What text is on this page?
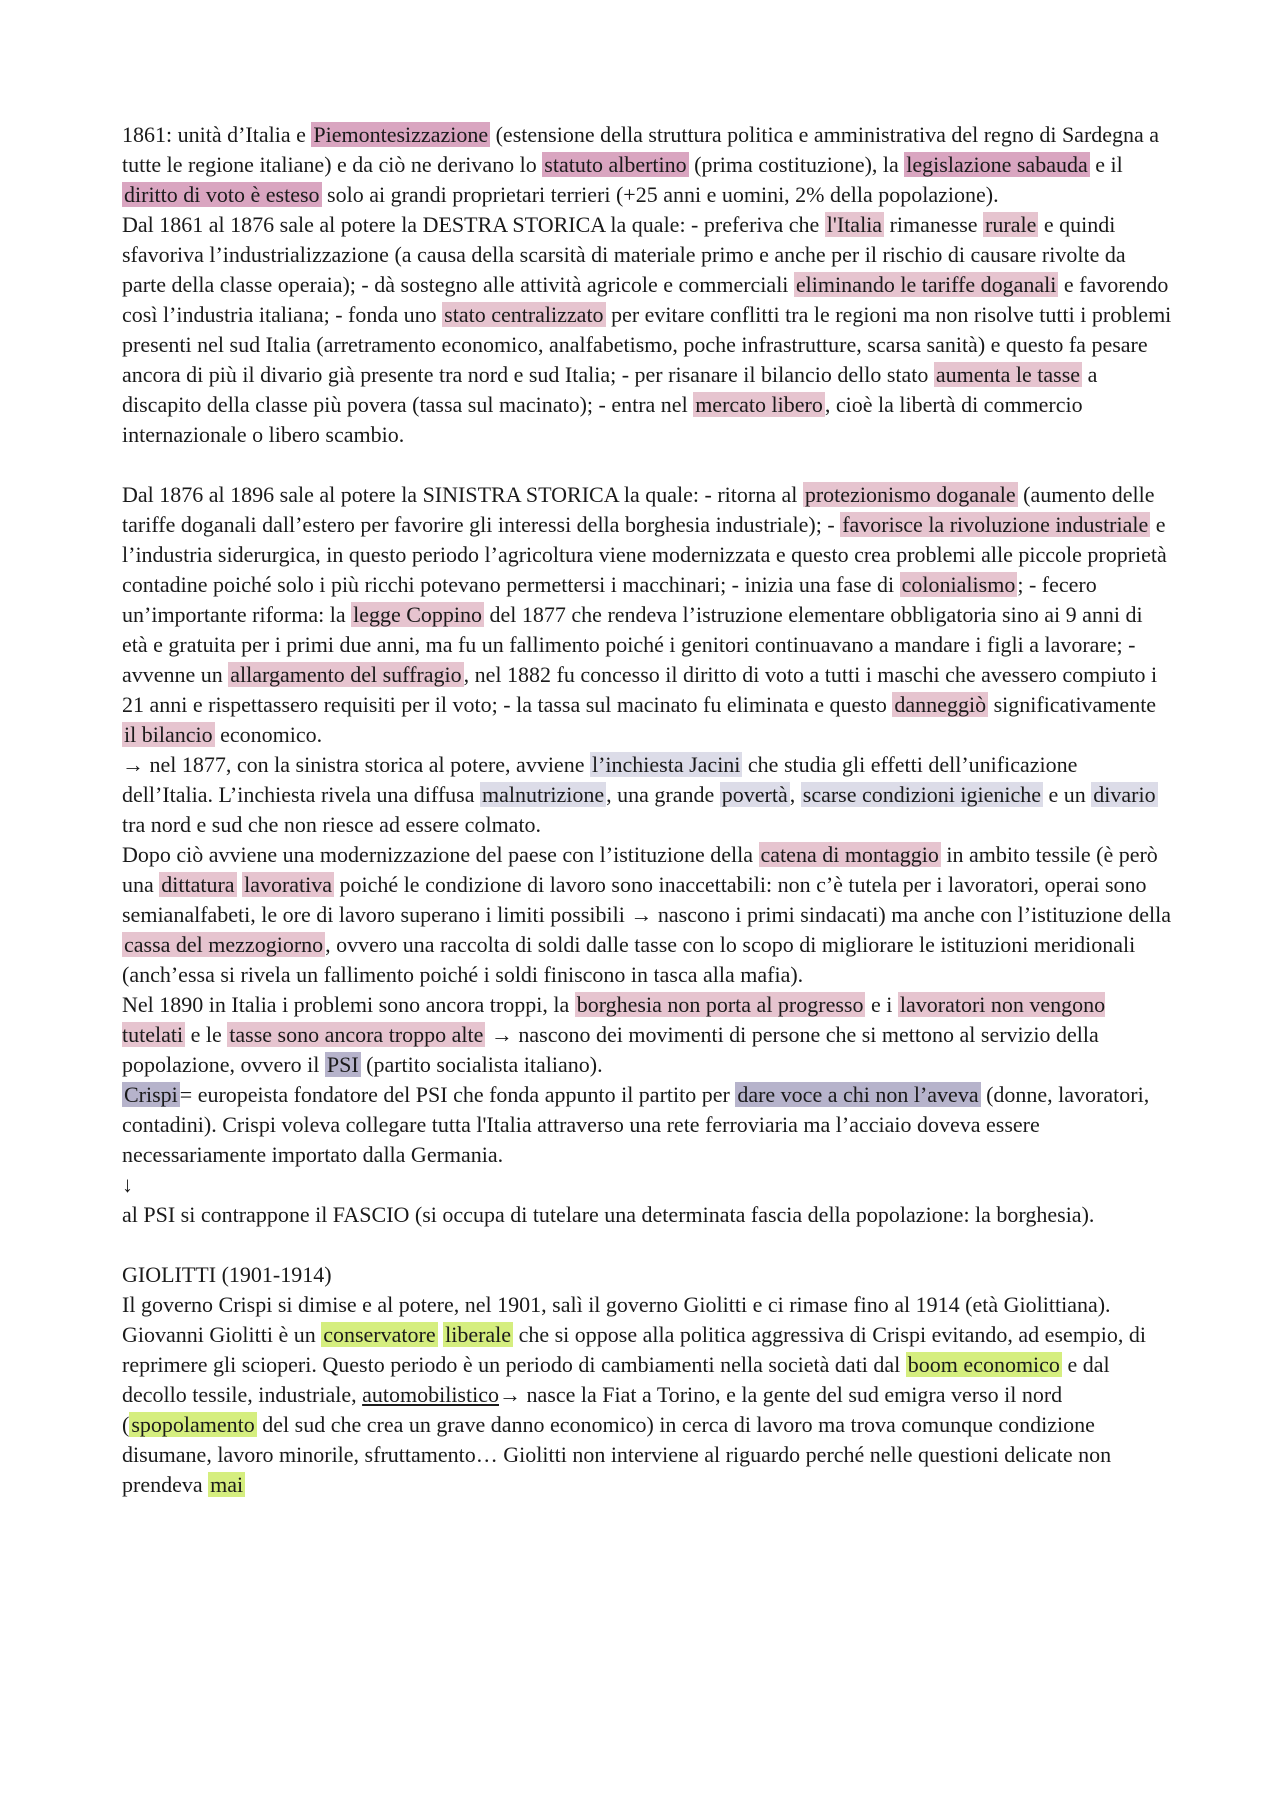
1861: unità d’Italia e Piemontesizzazione (estensione della struttura politica e amministrativa del regno di Sardegna a tutte le regione italiane) e da ciò ne derivano lo statuto albertino (prima costituzione), la legislazione sabauda e il diritto di voto è esteso solo ai grandi proprietari terrieri (+25 anni e uomini, 2% della popolazione).

Dal 1861 al 1876 sale al potere la DESTRA STORICA la quale: - preferiva che l'Italia rimanesse rurale e quindi sfavoriva l’industrializzazione (a causa della scarsità di materiale primo e anche per il rischio di causare rivolte da parte della classe operaia); - dà sostegno alle attività agricole e commerciali eliminando le tariffe doganali e favorendo così l’industria italiana; - fonda uno stato centralizzato per evitare conflitti tra le regioni ma non risolve tutti i problemi presenti nel sud Italia (arretramento economico, analfabetismo, poche infrastrutture, scarsa sanità) e questo fa pesare ancora di più il divario già presente tra nord e sud Italia; - per risanare il bilancio dello stato aumenta le tasse a discapito della classe più povera (tassa sul macinato); - entra nel mercato libero, cioè la libertà di commercio internazionale o libero scambio.

Dal 1876 al 1896 sale al potere la SINISTRA STORICA la quale: - ritorna al protezionismo doganale (aumento delle tariffe doganali dall’estero per favorire gli interessi della borghesia industriale); - favorisce la rivoluzione industriale e l’industria siderurgica, in questo periodo l’agricoltura viene modernizzata e questo crea problemi alle piccole proprietà contadine poiché solo i più ricchi potevano permettersi i macchinari; - inizia una fase di colonialismo; - fecero un’importante riforma: la legge Coppino del 1877 che rendeva l’istruzione elementare obbligatoria sino ai 9 anni di età e gratuita per i primi due anni, ma fu un fallimento poiché i genitori continuavano a mandare i figli a lavorare; - avvenne un allargamento del suffragio, nel 1882 fu concesso il diritto di voto a tutti i maschi che avessero compiuto i 21 anni e rispettassero requisiti per il voto; - la tassa sul macinato fu eliminata e questo danneggiò significativamente il bilancio economico.

→ nel 1877, con la sinistra storica al potere, avviene l’inchiesta Jacini che studia gli effetti dell’unificazione dell’Italia. L’inchiesta rivela una diffusa malnutrizione, una grande povertà, scarse condizioni igieniche e un divario tra nord e sud che non riesce ad essere colmato.

Dopo ciò avviene una modernizzazione del paese con l’istituzione della catena di montaggio in ambito tessile (è però una dittatura lavorativa poiché le condizione di lavoro sono inaccettabili: non c’è tutela per i lavoratori, operai sono semianalfabeti, le ore di lavoro superano i limiti possibili → nascono i primi sindacati) ma anche con l’istituzione della cassa del mezzogiorno, ovvero una raccolta di soldi dalle tasse con lo scopo di migliorare le istituzioni meridionali (anch’essa si rivela un fallimento poiché i soldi finiscono in tasca alla mafia).

Nel 1890 in Italia i problemi sono ancora troppi, la borghesia non porta al progresso e i lavoratori non vengono tutelati e le tasse sono ancora troppo alte → nascono dei movimenti di persone che si mettono al servizio della popolazione, ovvero il PSI (partito socialista italiano).

Crispi= europeista fondatore del PSI che fonda appunto il partito per dare voce a chi non l’aveva (donne, lavoratori, contadini). Crispi voleva collegare tutta l'Italia attraverso una rete ferroviaria ma l’acciaio doveva essere necessariamente importato dalla Germania.

↓

al PSI si contrappone il FASCIO (si occupa di tutelare una determinata fascia della popolazione: la borghesia).

GIOLITTI (1901-1914)

Il governo Crispi si dimise e al potere, nel 1901, salì il governo Giolitti e ci rimase fino al 1914 (età Giolittiana). Giovanni Giolitti è un conservatore liberale che si oppose alla politica aggressiva di Crispi evitando, ad esempio, di reprimere gli scioperi. Questo periodo è un periodo di cambiamenti nella società dati dal boom economico e dal decollo tessile, industriale, automobilistico→ nasce la Fiat a Torino, e la gente del sud emigra verso il nord (spopolamento del sud che crea un grave danno economico) in cerca di lavoro ma trova comunque condizione disumane, lavoro minorile, sfruttamento… Giolitti non interviene al riguardo perché nelle questioni delicate non prendeva mai
